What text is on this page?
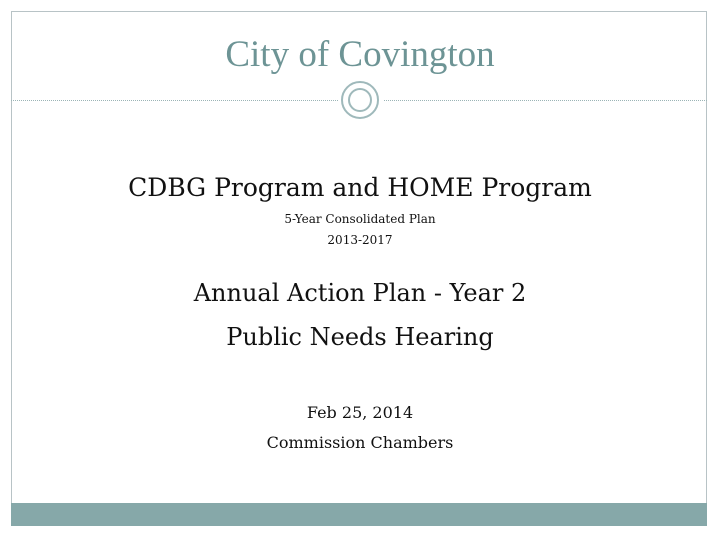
City of Covington
CDBG Program and HOME Program
5-Year Consolidated Plan
2013-2017
Annual Action Plan - Year 2
Public Needs Hearing
Feb 25, 2014
Commission Chambers
